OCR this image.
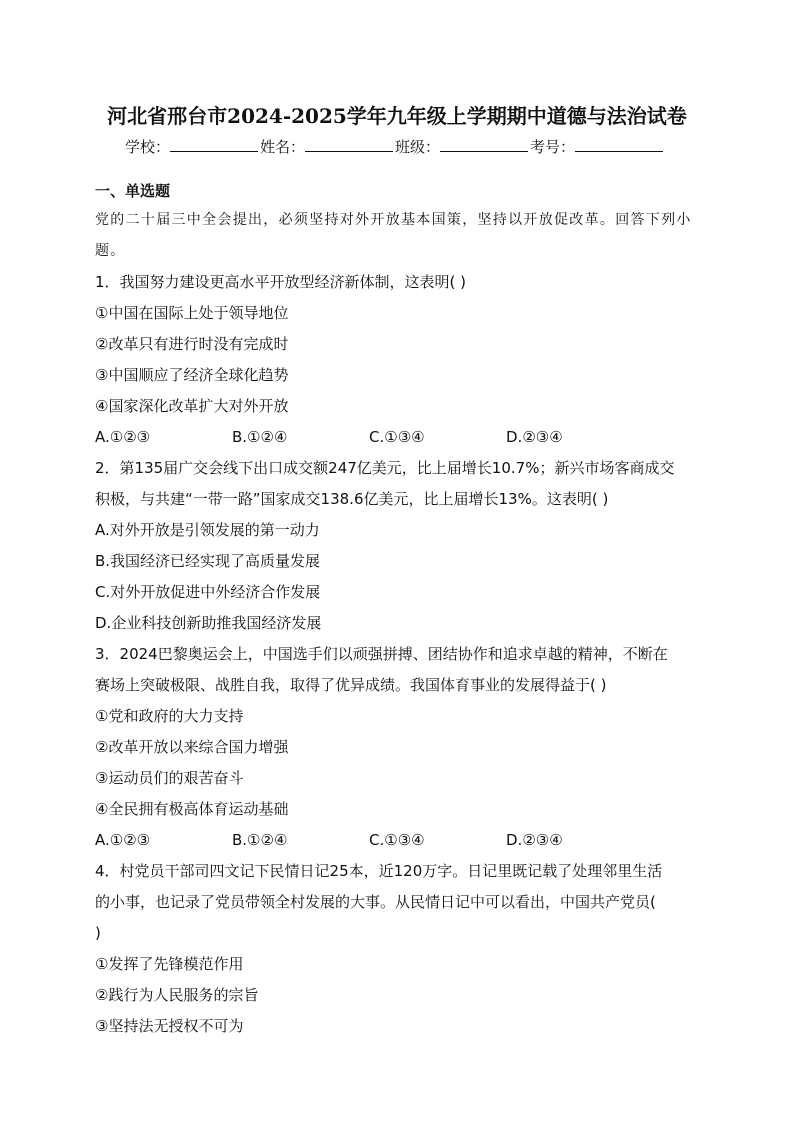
河北省邢台市2024-2025学年九年级上学期期中道德与法治试卷
学校：	姓名：	班级：	考号：
一、单选题

党的二十届三中全会提出，必须坚持对外开放基本国策，坚持以开放促改革。回答下列小题。

1．我国努力建设更高水平开放型经济新体制，这表明( )

①中国在国际上处于领导地位

②改革只有进行时没有完成时

③中国顺应了经济全球化趋势

④国家深化改革扩大对外开放

A.①②③	B.①②④	C.①③④	D.②③④

2．第135届广交会线下出口成交额247亿美元，比上届增长10.7%；新兴市场客商成交

积极，与共建“一带一路”国家成交138.6亿美元，比上届增长13%。这表明( )

A.对外开放是引领发展的第一动力

B.我国经济已经实现了高质量发展

C.对外开放促进中外经济合作发展

D.企业科技创新助推我国经济发展

3．2024巴黎奥运会上，中国选手们以顽强拼搏、团结协作和追求卓越的精神，不断在

赛场上突破极限、战胜自我，取得了优异成绩。我国体育事业的发展得益于( )

①党和政府的大力支持

②改革开放以来综合国力增强

③运动员们的艰苦奋斗

④全民拥有极高体育运动基础

A.①②③	B.①②④	C.①③④	D.②③④

4．村党员干部司四文记下民情日记25本，近120万字。日记里既记载了处理邻里生活

的小事，也记录了党员带领全村发展的大事。从民情日记中可以看出，中国共产党员(

)

①发挥了先锋模范作用

②践行为人民服务的宗旨

③坚持法无授权不可为
